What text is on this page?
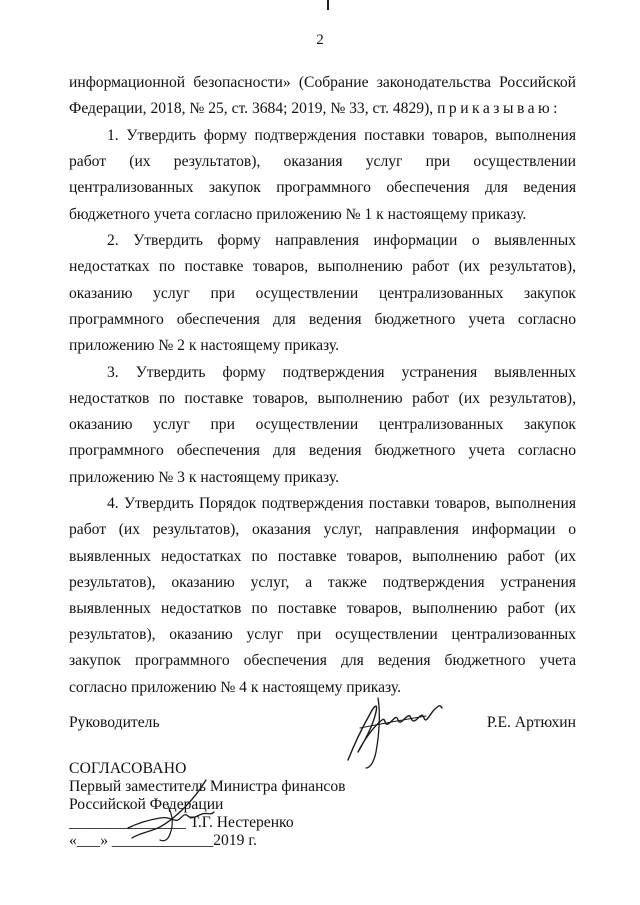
2

информационной безопасности» (Собрание законодательства Российской Федерации, 2018, № 25, ст. 3684; 2019, № 33, ст. 4829), приказываю:

1. Утвердить форму подтверждения поставки товаров, выполнения работ (их результатов), оказания услуг при осуществлении централизованных закупок программного обеспечения для ведения бюджетного учета согласно приложению № 1 к настоящему приказу.

2. Утвердить форму направления информации о выявленных недостатках по поставке товаров, выполнению работ (их результатов), оказанию услуг при осуществлении централизованных закупок программного обеспечения для ведения бюджетного учета согласно приложению № 2 к настоящему приказу.

3. Утвердить форму подтверждения устранения выявленных недостатков по поставке товаров, выполнению работ (их результатов), оказанию услуг при осуществлении централизованных закупок программного обеспечения для ведения бюджетного учета согласно приложению № 3 к настоящему приказу.

4. Утвердить Порядок подтверждения поставки товаров, выполнения работ (их результатов), оказания услуг, направления информации о выявленных недостатках по поставке товаров, выполнению работ (их результатов), оказанию услуг, а также подтверждения устранения выявленных недостатков по поставке товаров, выполнению работ (их результатов), оказанию услуг при осуществлении централизованных закупок программного обеспечения для ведения бюджетного учета согласно приложению № 4 к настоящему приказу.

Руководитель	Р.Е. Артюхин
СОГЛАСОВАНО
Первый заместитель Министра финансов
Российской Федерации
_______________ Т.Г. Нестеренко
«___» _____________2019 г.
